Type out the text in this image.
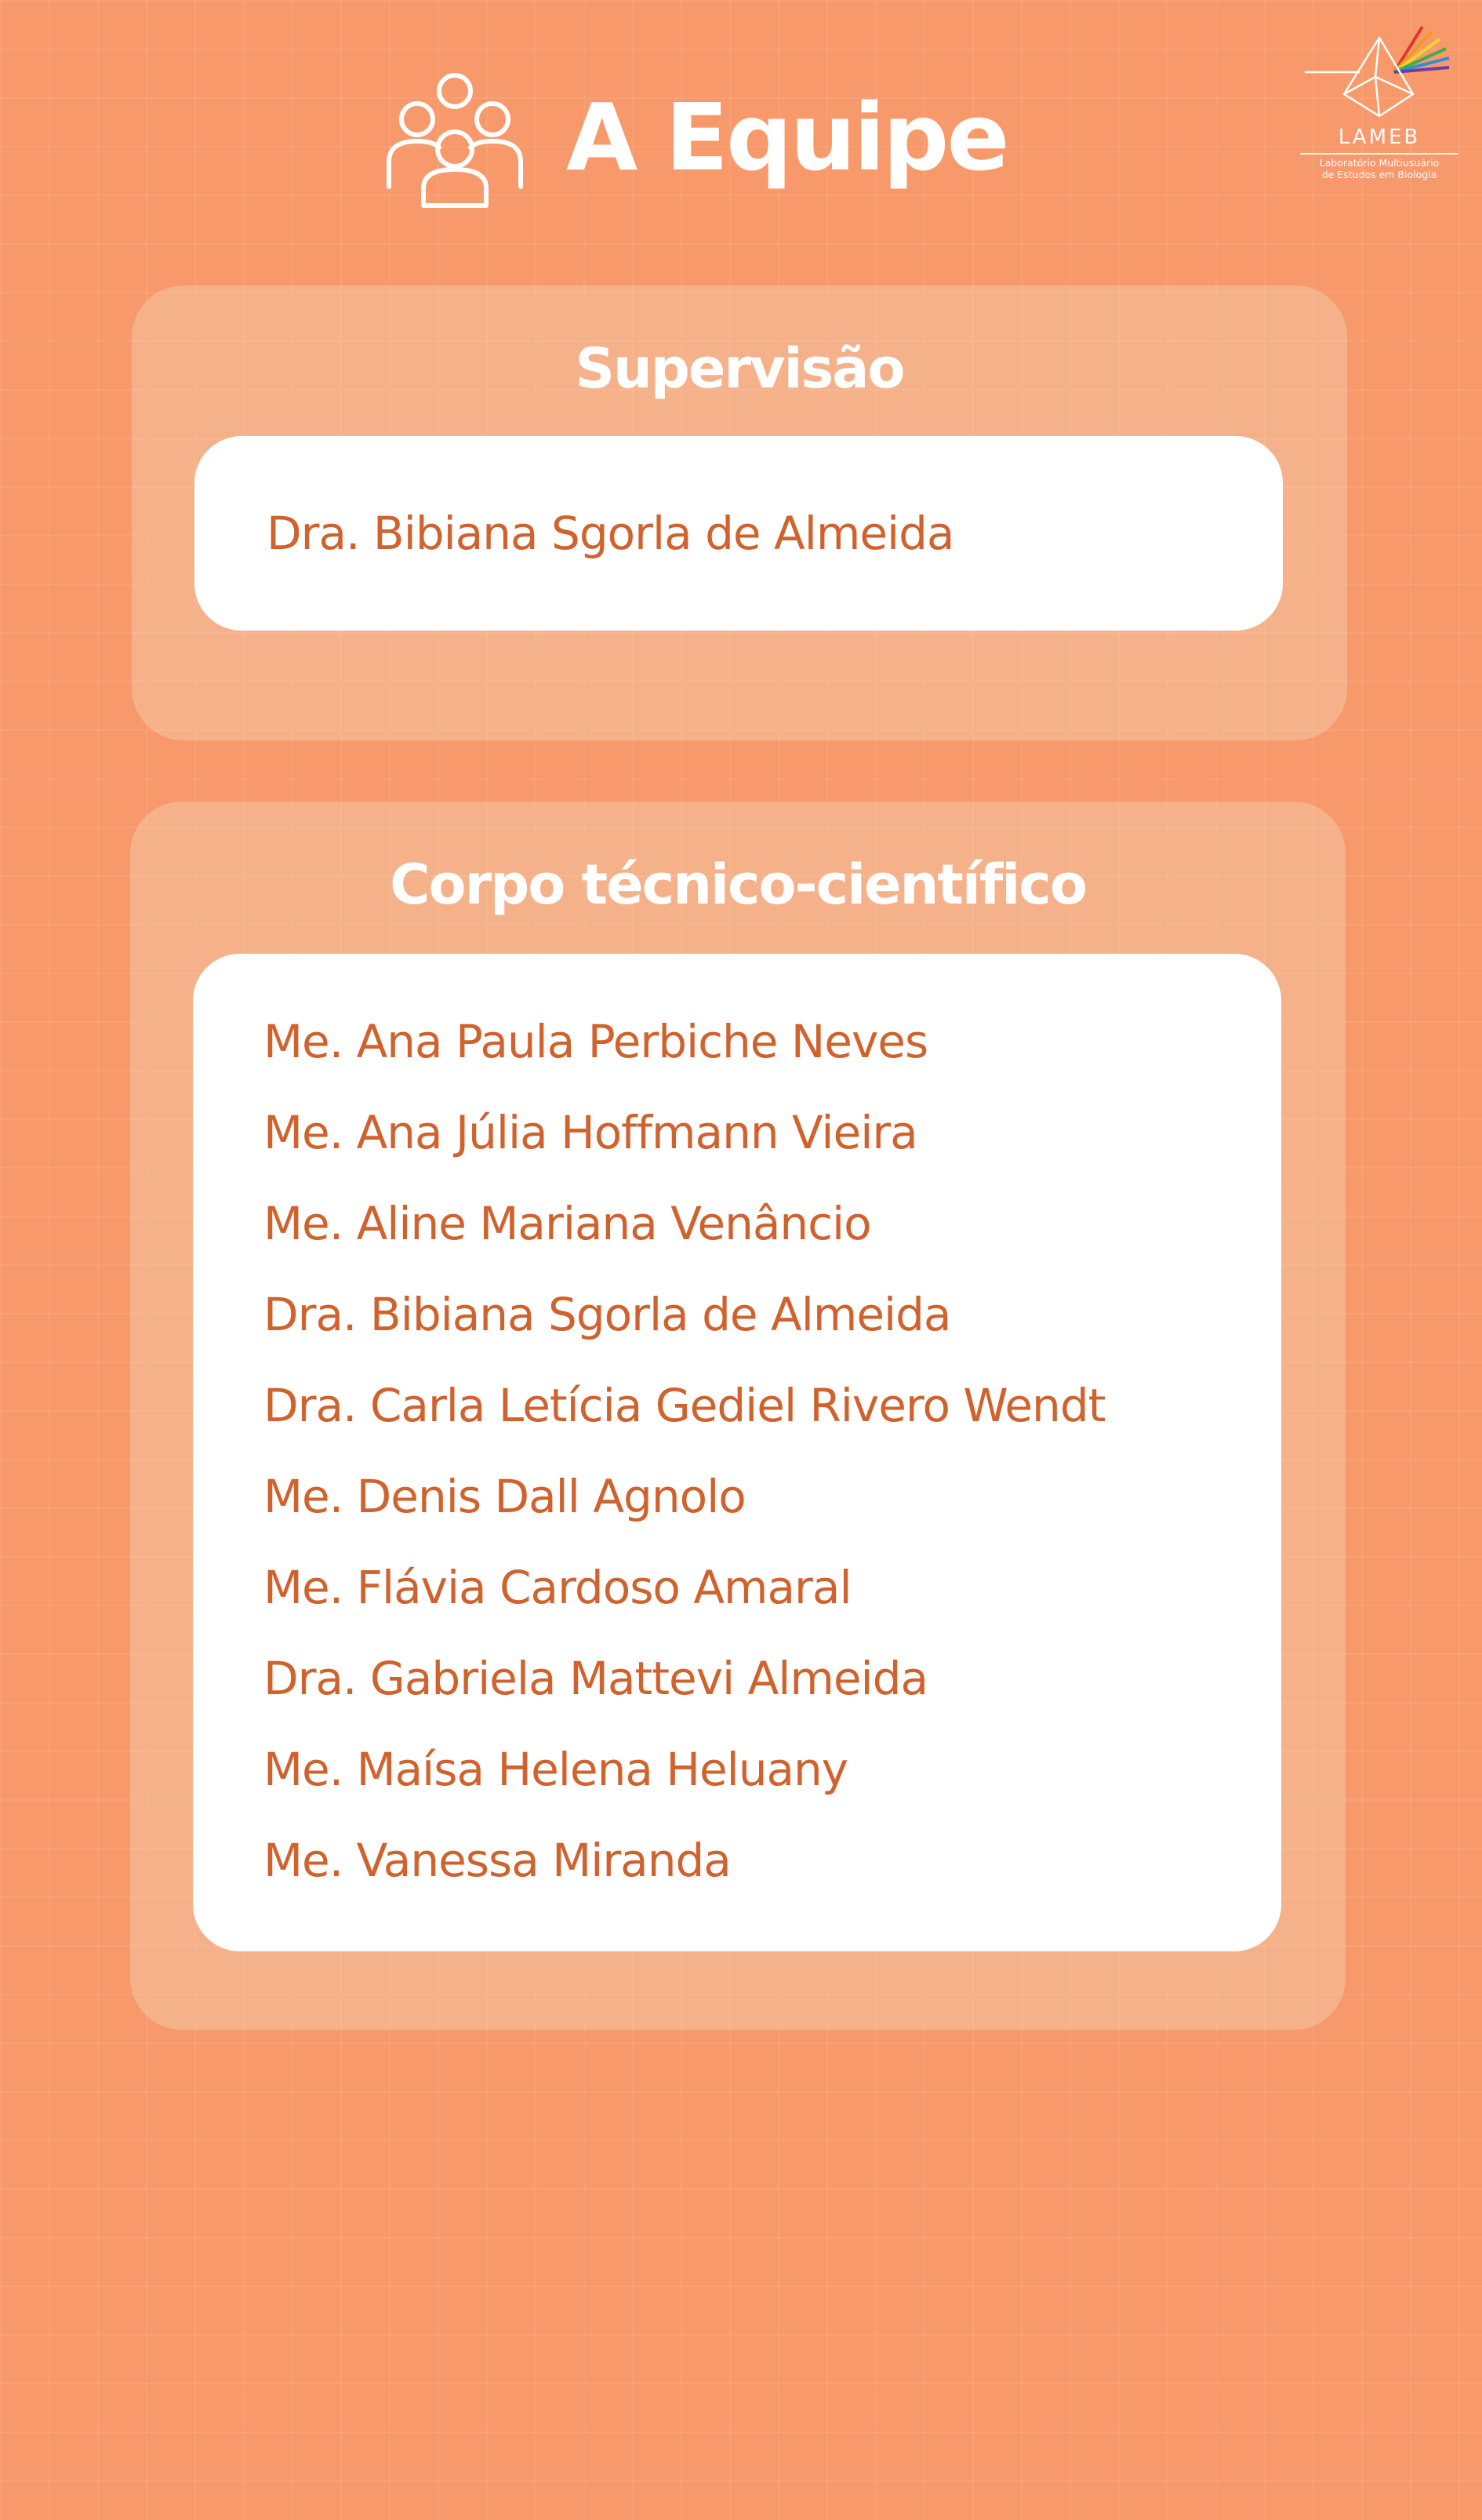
A Equipe	LAMEB
Laboratório Multiusuário
de Estudos em Biologia
Supervisão
Dra. Bibiana Sgorla de Almeida
Corpo técnico-científico
Me. Ana Paula Perbiche Neves
Me. Ana Júlia Hoffmann Vieira
Me. Aline Mariana Venâncio
Dra. Bibiana Sgorla de Almeida
Dra. Carla Letícia Gediel Rivero Wendt
Me. Denis Dall Agnolo
Me. Flávia Cardoso Amaral
Dra. Gabriela Mattevi Almeida
Me. Maísa Helena Heluany
Me. Vanessa Miranda
